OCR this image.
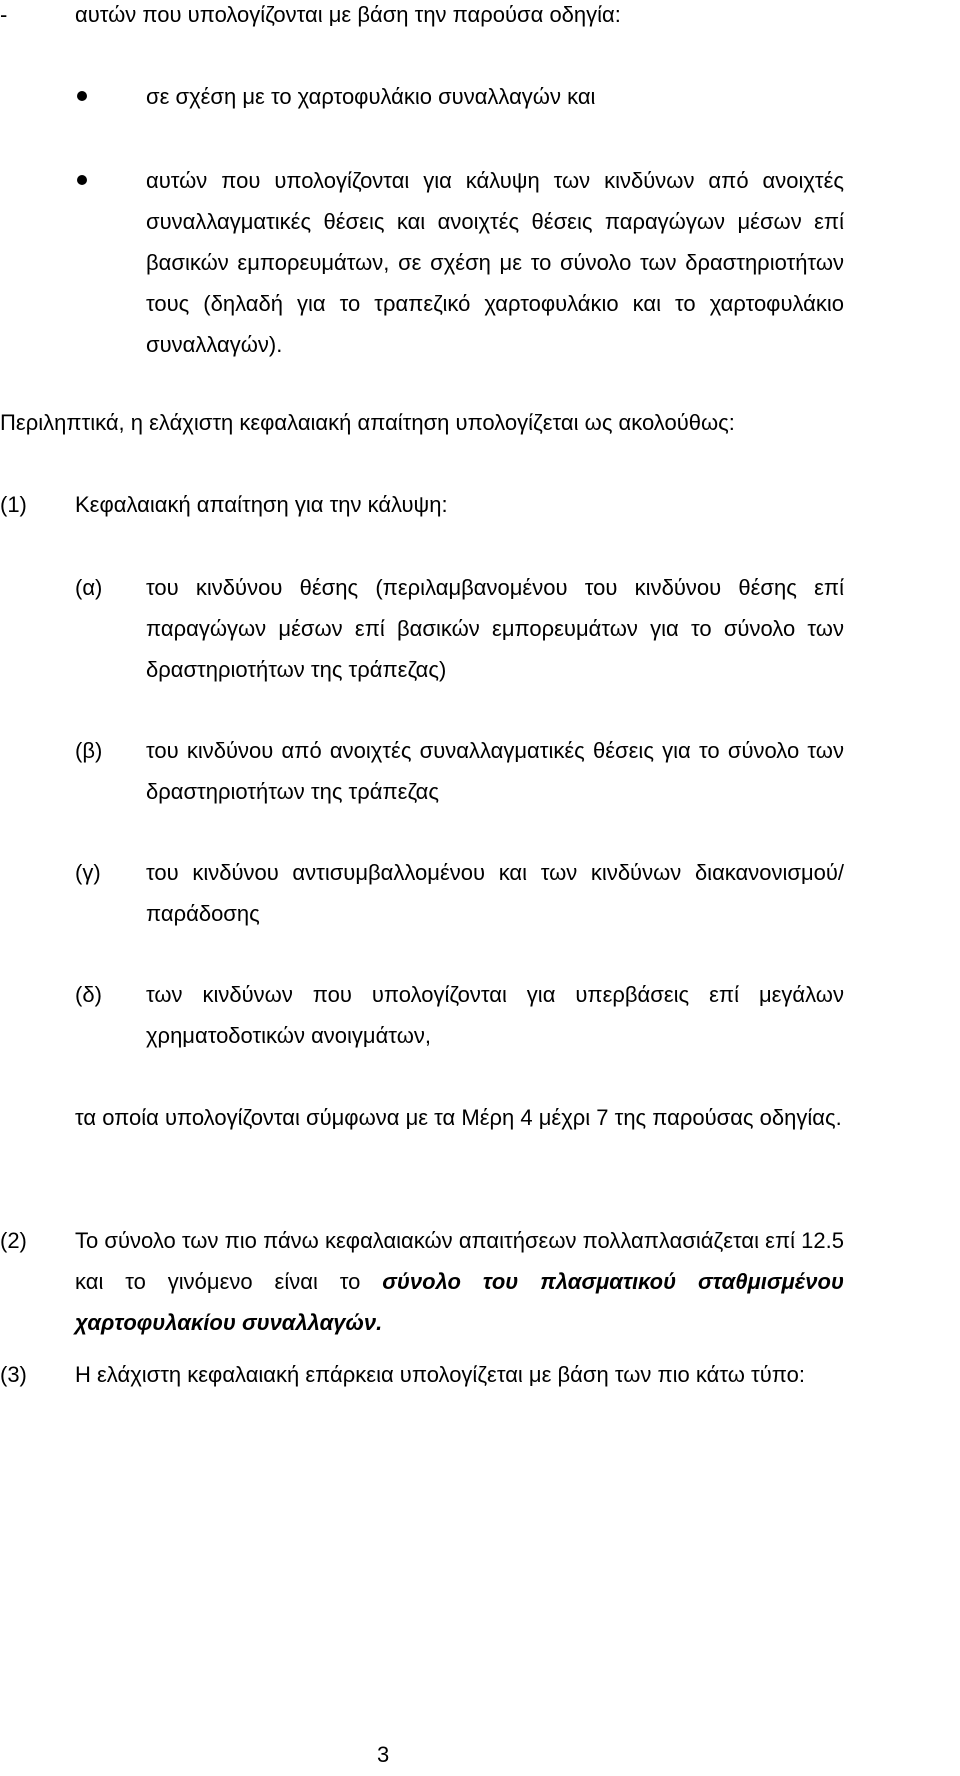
-	αυτών που υπολογίζονται με βάση την παρούσα οδηγία:
σε σχέση με το χαρτοφυλάκιο συναλλαγών και
αυτών που υπολογίζονται για κάλυψη των κινδύνων από ανοιχτές συναλλαγματικές θέσεις και ανοιχτές θέσεις παραγώγων μέσων επί βασικών εμπορευμάτων, σε σχέση με το σύνολο των δραστηριοτήτων τους (δηλαδή για το τραπεζικό χαρτοφυλάκιο και το χαρτοφυλάκιο συναλλαγών).
Περιληπτικά, η ελάχιστη κεφαλαιακή απαίτηση υπολογίζεται ως ακολούθως:
(1) Κεφαλαιακή απαίτηση για την κάλυψη:
(α) του κινδύνου θέσης (περιλαμβανομένου του κινδύνου θέσης επί παραγώγων μέσων επί βασικών εμπορευμάτων για το σύνολο των δραστηριοτήτων της τράπεζας)
(β) του κινδύνου από ανοιχτές συναλλαγματικές θέσεις για το σύνολο των δραστηριοτήτων της τράπεζας
(γ) του κινδύνου αντισυμβαλλομένου και των κινδύνων διακανονισμού/παράδοσης
(δ) των κινδύνων που υπολογίζονται για υπερβάσεις επί μεγάλων χρηματοδοτικών ανοιγμάτων,
τα οποία υπολογίζονται σύμφωνα με τα Μέρη 4 μέχρι 7 της παρούσας οδηγίας.
(2) Το σύνολο των πιο πάνω κεφαλαιακών απαιτήσεων πολλαπλασιάζεται επί 12.5 και το γινόμενο είναι το σύνολο του πλασματικού σταθμισμένου χαρτοφυλακίου συναλλαγών.
(3) Η ελάχιστη κεφαλαιακή επάρκεια υπολογίζεται με βάση των πιο κάτω τύπο:
3
